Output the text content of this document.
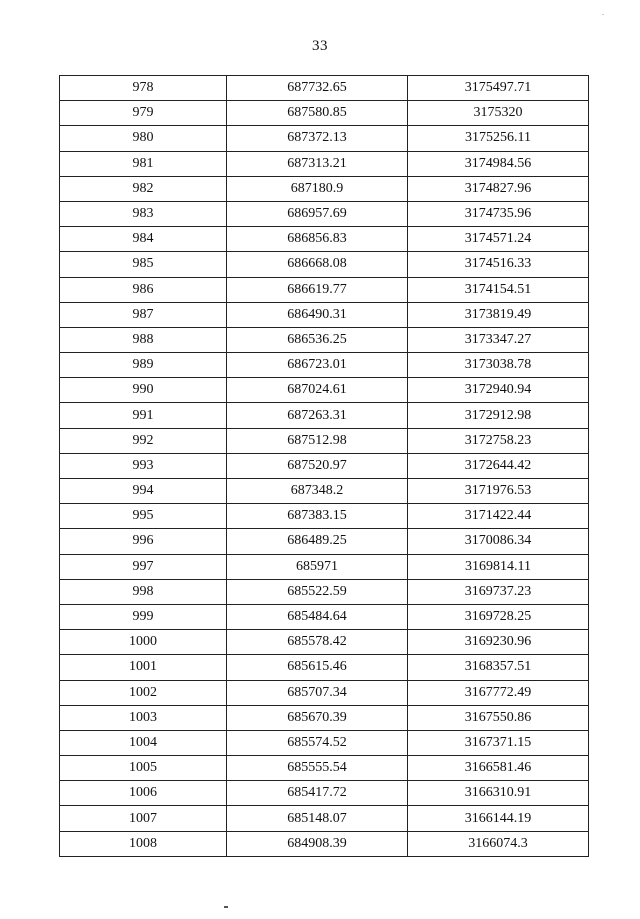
33
978	687732.65	3175497.71
979	687580.85	3175320
980	687372.13	3175256.11
981	687313.21	3174984.56
982	687180.9	3174827.96
983	686957.69	3174735.96
984	686856.83	3174571.24
985	686668.08	3174516.33
986	686619.77	3174154.51
987	686490.31	3173819.49
988	686536.25	3173347.27
989	686723.01	3173038.78
990	687024.61	3172940.94
991	687263.31	3172912.98
992	687512.98	3172758.23
993	687520.97	3172644.42
994	687348.2	3171976.53
995	687383.15	3171422.44
996	686489.25	3170086.34
997	685971	3169814.11
998	685522.59	3169737.23
999	685484.64	3169728.25
1000	685578.42	3169230.96
1001	685615.46	3168357.51
1002	685707.34	3167772.49
1003	685670.39	3167550.86
1004	685574.52	3167371.15
1005	685555.54	3166581.46
1006	685417.72	3166310.91
1007	685148.07	3166144.19
1008	684908.39	3166074.3
